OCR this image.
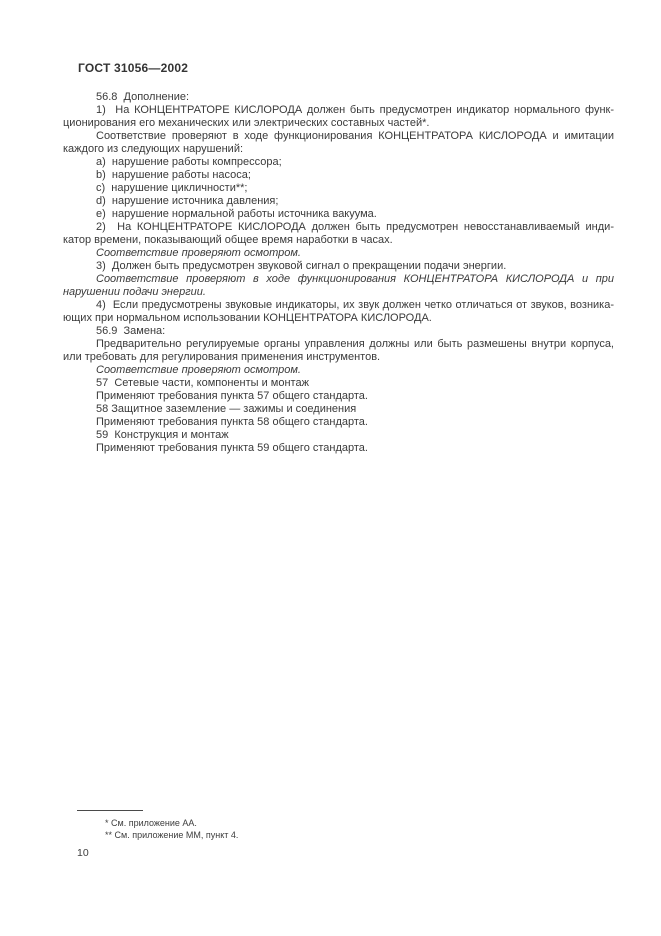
ГОСТ 31056—2002
56.8  Дополнение:
1)  На КОНЦЕНТРАТОРЕ КИСЛОРОДА должен быть предусмотрен индикатор нормального функ-
ционирования его механических или электрических составных частей*.
Соответствие проверяют в ходе функционирования КОНЦЕНТРАТОРА КИСЛОРОДА и имитации
каждого из следующих нарушений:
a)  нарушение работы компрессора;
b)  нарушение работы насоса;
c)  нарушение цикличности**;
d)  нарушение источника давления;
e)  нарушение нормальной работы источника вакуума.
2)  На КОНЦЕНТРАТОРЕ КИСЛОРОДА должен быть предусмотрен невосстанавливаемый инди-
катор времени, показывающий общее время наработки в часах.
Соответствие проверяют осмотром.
3)  Должен быть предусмотрен звуковой сигнал о прекращении подачи энергии.
Соответствие проверяют в ходе функционирования КОНЦЕНТРАТОРА КИСЛОРОДА и при
нарушении подачи энергии.
4)  Если предусмотрены звуковые индикаторы, их звук должен четко отличаться от звуков, возника-
ющих при нормальном использовании КОНЦЕНТРАТОРА КИСЛОРОДА.
56.9  Замена:
Предварительно регулируемые органы управления должны или быть размешены внутри корпуса,
или требовать для регулирования применения инструментов.
Соответствие проверяют осмотром.
57  Сетевые части, компоненты и монтаж
Применяют требования пункта 57 общего стандарта.
58 Защитное заземление — зажимы и соединения
Применяют требования пункта 58 общего стандарта.
59  Конструкция и монтаж
Применяют требования пункта 59 общего стандарта.
* См. приложение АА.
** См. приложение ММ, пункт 4.
10
